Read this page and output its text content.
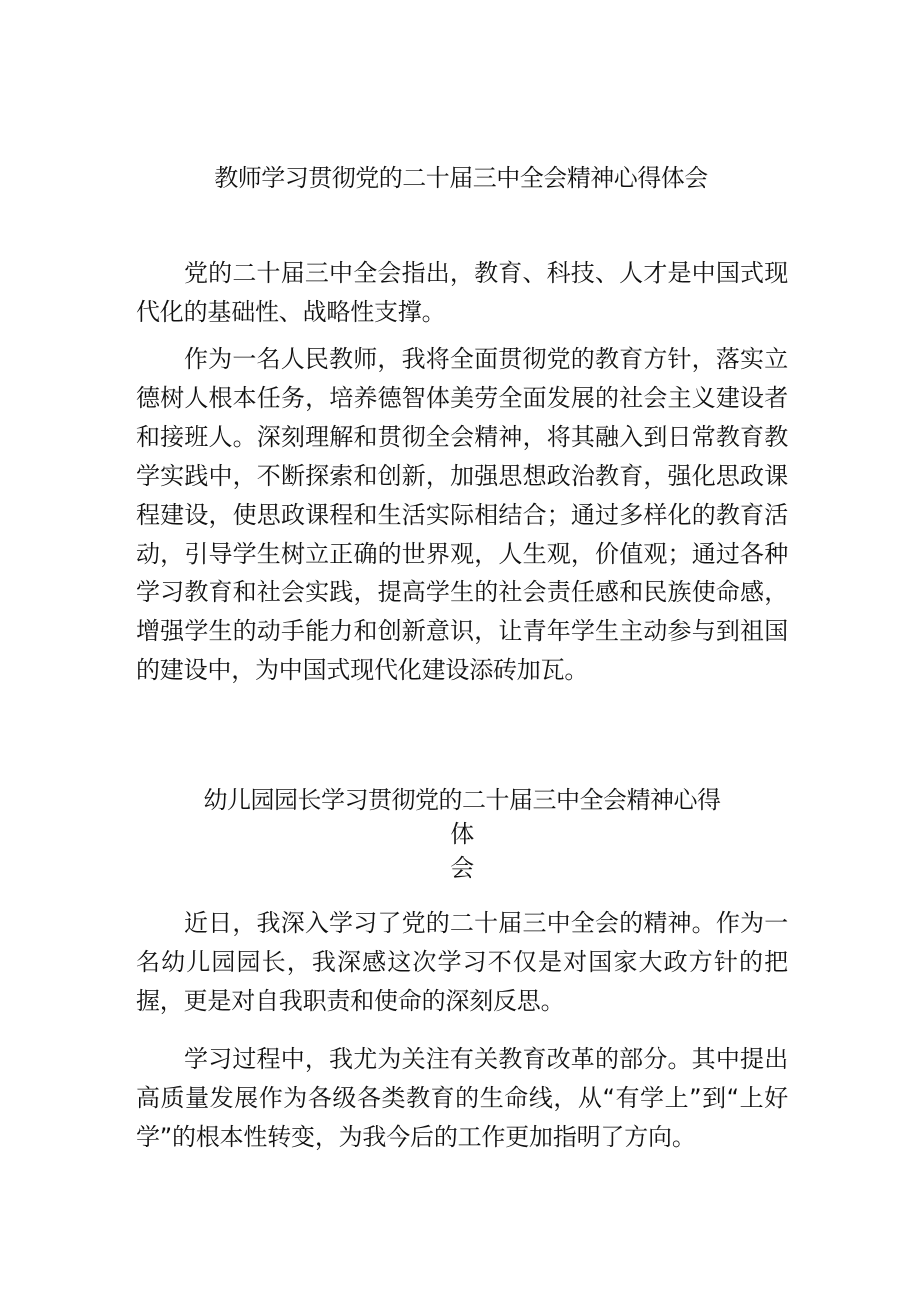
教师学习贯彻党的二十届三中全会精神心得体会

党的二十届三中全会指出，教育、科技、人才是中国式现代化的基础性、战略性支撑。

作为一名人民教师，我将全面贯彻党的教育方针，落实立德树人根本任务，培养德智体美劳全面发展的社会主义建设者和接班人。深刻理解和贯彻全会精神，将其融入到日常教育教学实践中，不断探索和创新，加强思想政治教育，强化思政课程建设，使思政课程和生活实际相结合；通过多样化的教育活动，引导学生树立正确的世界观，人生观，价值观；通过各种学习教育和社会实践，提高学生的社会责任感和民族使命感，增强学生的动手能力和创新意识，让青年学生主动参与到祖国的建设中，为中国式现代化建设添砖加瓦。

幼儿园园长学习贯彻党的二十届三中全会精神心得体
会

近日，我深入学习了党的二十届三中全会的精神。作为一名幼儿园园长，我深感这次学习不仅是对国家大政方针的把握，更是对自我职责和使命的深刻反思。

学习过程中，我尤为关注有关教育改革的部分。其中提出高质量发展作为各级各类教育的生命线，从“有学上”到“上好学”的根本性转变，为我今后的工作更加指明了方向。
